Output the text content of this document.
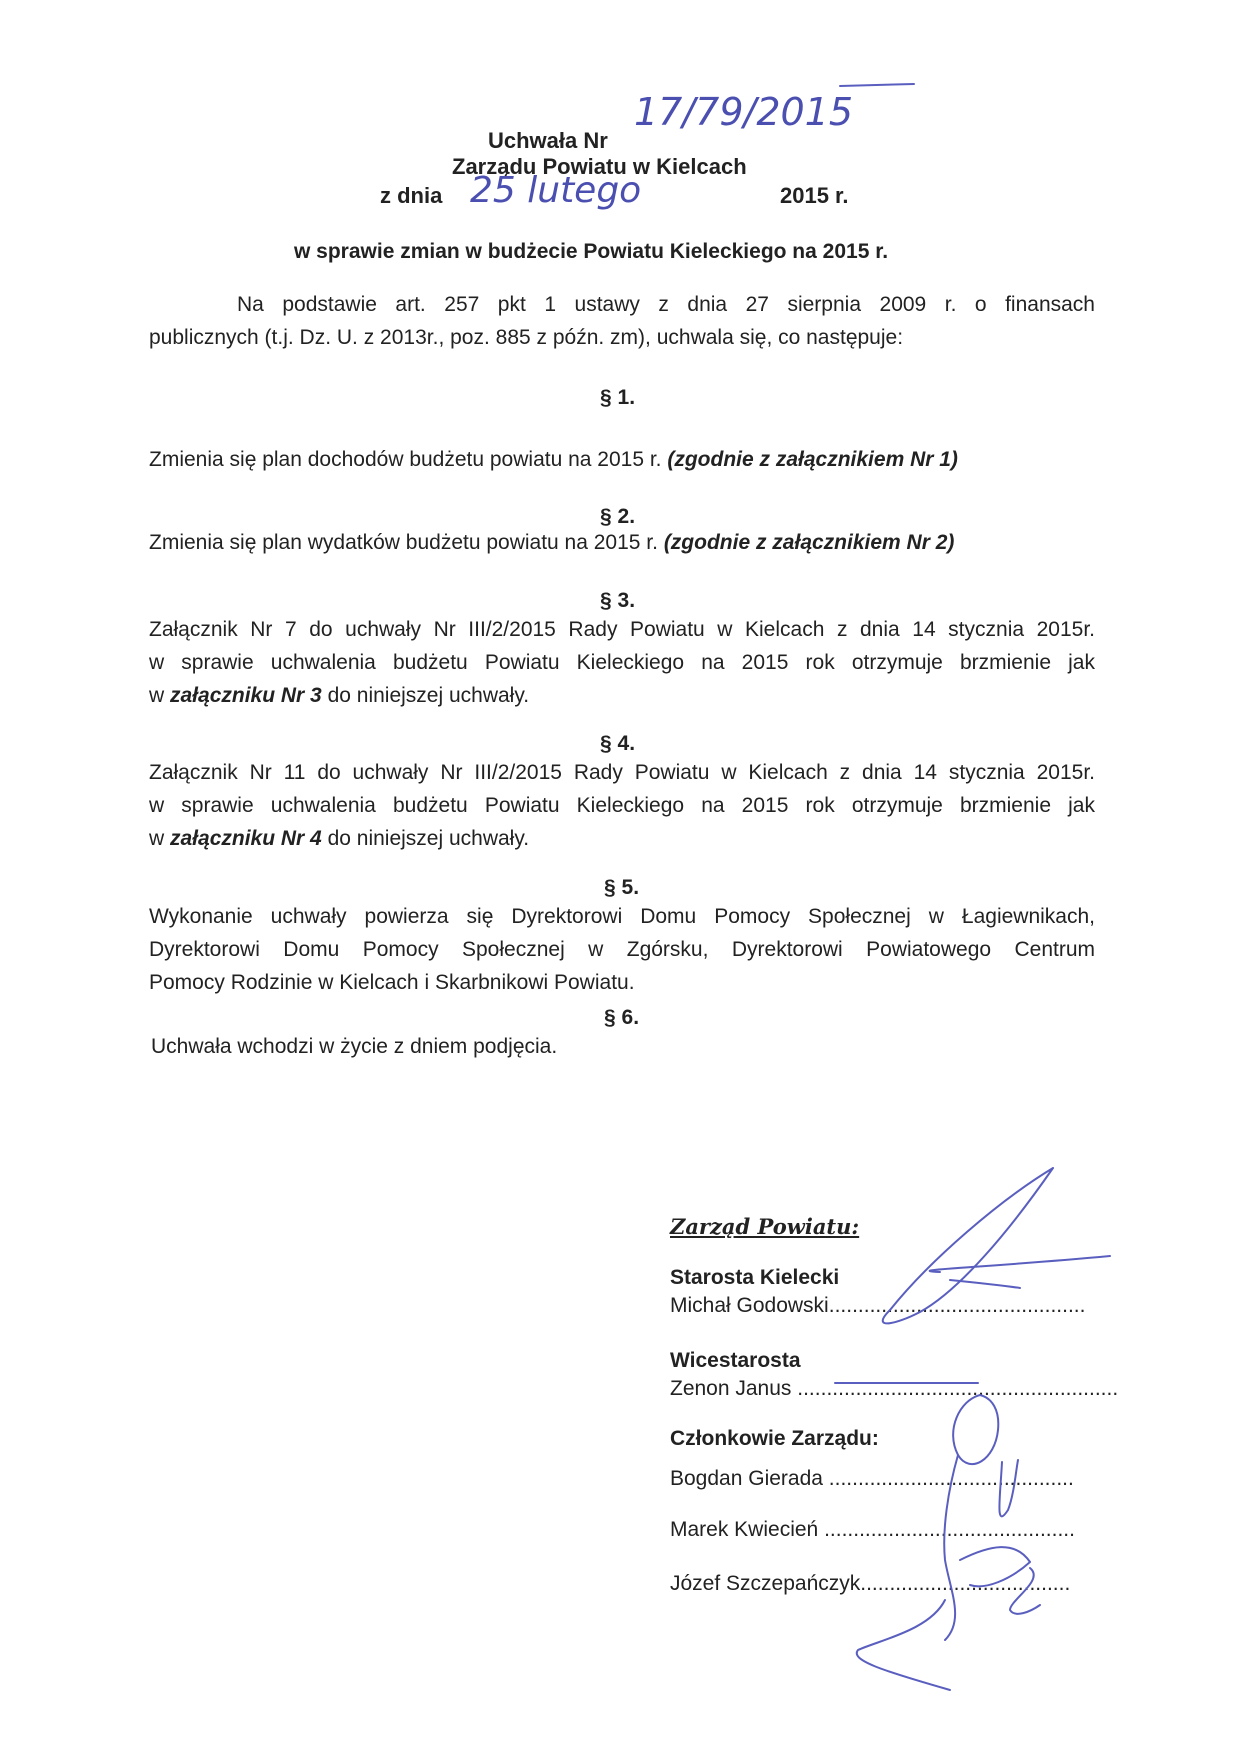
Uchwała Nr
17/79/2015
Zarządu Powiatu w Kielcach
z dnia 25 lutego	2015 r.
w sprawie zmian w budżecie Powiatu Kieleckiego na 2015 r.
Na podstawie art. 257 pkt 1 ustawy z dnia 27 sierpnia 2009 r. o finansach
publicznych (t.j. Dz. U. z 2013r., poz. 885 z późn. zm), uchwala się, co następuje:
§ 1.
Zmienia się plan dochodów budżetu powiatu na 2015 r. (zgodnie z załącznikiem Nr 1)
§ 2.
Zmienia się plan wydatków budżetu powiatu na 2015 r. (zgodnie z załącznikiem Nr 2)
§ 3.
Załącznik Nr 7 do uchwały Nr III/2/2015 Rady Powiatu w Kielcach z dnia 14 stycznia 2015r.
w sprawie uchwalenia budżetu Powiatu Kieleckiego na 2015 rok otrzymuje brzmienie jak
w załączniku Nr 3 do niniejszej uchwały.
§ 4.
Załącznik Nr 11 do uchwały Nr III/2/2015 Rady Powiatu w Kielcach z dnia 14 stycznia 2015r.
w sprawie uchwalenia budżetu Powiatu Kieleckiego na 2015 rok otrzymuje brzmienie jak
w załączniku Nr 4 do niniejszej uchwały.
§ 5.
Wykonanie uchwały powierza się Dyrektorowi Domu Pomocy Społecznej w Łagiewnikach,
Dyrektorowi Domu Pomocy Społecznej w Zgórsku, Dyrektorowi Powiatowego Centrum
Pomocy Rodzinie w Kielcach i Skarbnikowi Powiatu.
§ 6.
Uchwała wchodzi w życie z dniem podjęcia.
Zarząd Powiatu:
Starosta Kielecki
Michał Godowski............................................
Wicestarosta
Zenon Janus .......................................................
Członkowie Zarządu:
Bogdan Gierada ..........................................
Marek Kwiecień ...........................................
Józef Szczepańczyk....................................
